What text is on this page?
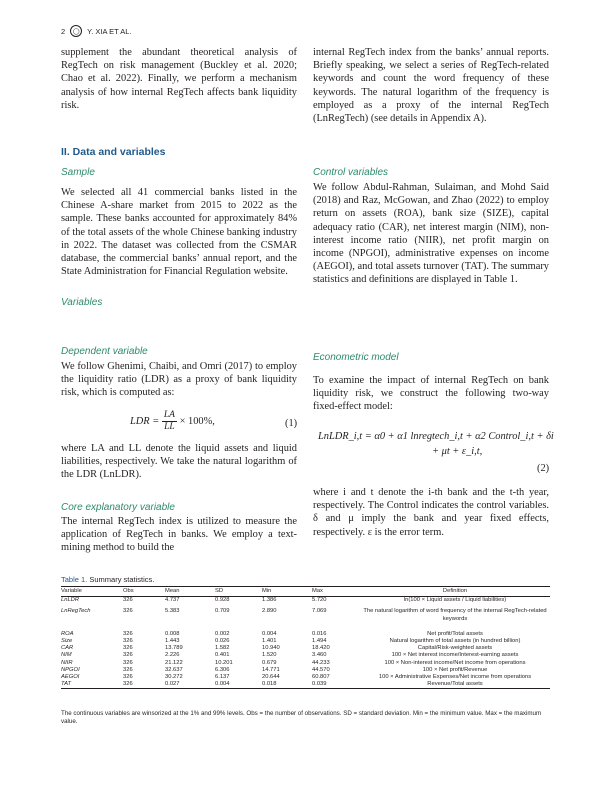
2	◯	Y. XIA ET AL.
supplement the abundant theoretical analysis of RegTech on risk management (Buckley et al. 2020; Chao et al. 2022). Finally, we perform a mechanism analysis of how internal RegTech affects bank liquidity risk.
II. Data and variables
Sample
We selected all 41 commercial banks listed in the Chinese A-share market from 2015 to 2022 as the sample. These banks accounted for approximately 84% of the total assets of the whole Chinese banking industry in 2022. The dataset was collected from the CSMAR database, the commercial banks’ annual report, and the State Administration for Financial Regulation website.
Variables
Dependent variable
We follow Ghenimi, Chaibi, and Omri (2017) to employ the liquidity ratio (LDR) as a proxy of bank liquidity risk, which is computed as:
LDR = $\frac{LA}{LL} \times 100\%$,	(1)
where LA and LL denote the liquid assets and liquid liabilities, respectively. We take the natural logarithm of the LDR (LnLDR).
Core explanatory variable
The internal RegTech index is utilized to measure the application of RegTech in banks. We employ a text-mining method to build the
internal RegTech index from the banks’ annual reports. Briefly speaking, we select a series of RegTech-related keywords and count the word frequency of these keywords. The natural logarithm of the frequency is employed as a proxy of the internal RegTech (LnRegTech) (see details in Appendix A).
Control variables
We follow Abdul-Rahman, Sulaiman, and Mohd Said (2018) and Raz, McGowan, and Zhao (2022) to employ return on assets (ROA), bank size (SIZE), capital adequacy ratio (CAR), net interest margin (NIM), non-interest income ratio (NIIR), net profit margin on income (NPGOI), administrative expenses on income (AEGOI), and total assets turnover (TAT). The summary statistics and definitions are displayed in Table 1.
Econometric model
To examine the impact of internal RegTech on bank liquidity risk, we construct the following two-way fixed-effect model:
LnLDR_i,t = α0 + α1 lnregtech_i,t + α2 Control_i,t + δi
+ μt + ε_i,t,
(2)
where i and t denote the i-th bank and the t-th year, respectively. The Control indicates the control variables. δ and μ imply the bank and year fixed effects, respectively. ε is the error term.
Table 1. Summary statistics.
Variable	Obs	Mean	SD	Min	Max	Definition
LnLDR	326	4.737	0.928	1.386	5.720	ln(100 × Liquid assets / Liquid liabilities)
LnRegTech	326	5.383	0.709	2.890	7.069	The natural logarithm of word frequency of the internal RegTech-related keywords
ROA	326	0.008	0.002	0.004	0.016	Net profit/Total assets
Size	326	1.443	0.026	1.401	1.494	Natural logarithm of total assets (in hundred billion)
CAR	326	13.789	1.582	10.940	18.420	Capital/Risk-weighted assets
NIM	326	2.226	0.401	1.520	3.460	100 × Net interest income/Interest-earning assets
NIIR	326	21.122	10.201	0.679	44.233	100 × Non-interest income/Net income from operations
NPGOI	326	32.637	6.306	14.771	44.570	100 × Net profit/Revenue
AEGOI	326	30.272	6.137	20.644	60.807	100 × Administrative Expenses/Net income from operations
TAT	326	0.027	0.004	0.018	0.039	Revenue/Total assets
The continuous variables are winsorized at the 1% and 99% levels. Obs = the number of observations. SD = standard deviation. Min = the minimum value. Max = the maximum value.
